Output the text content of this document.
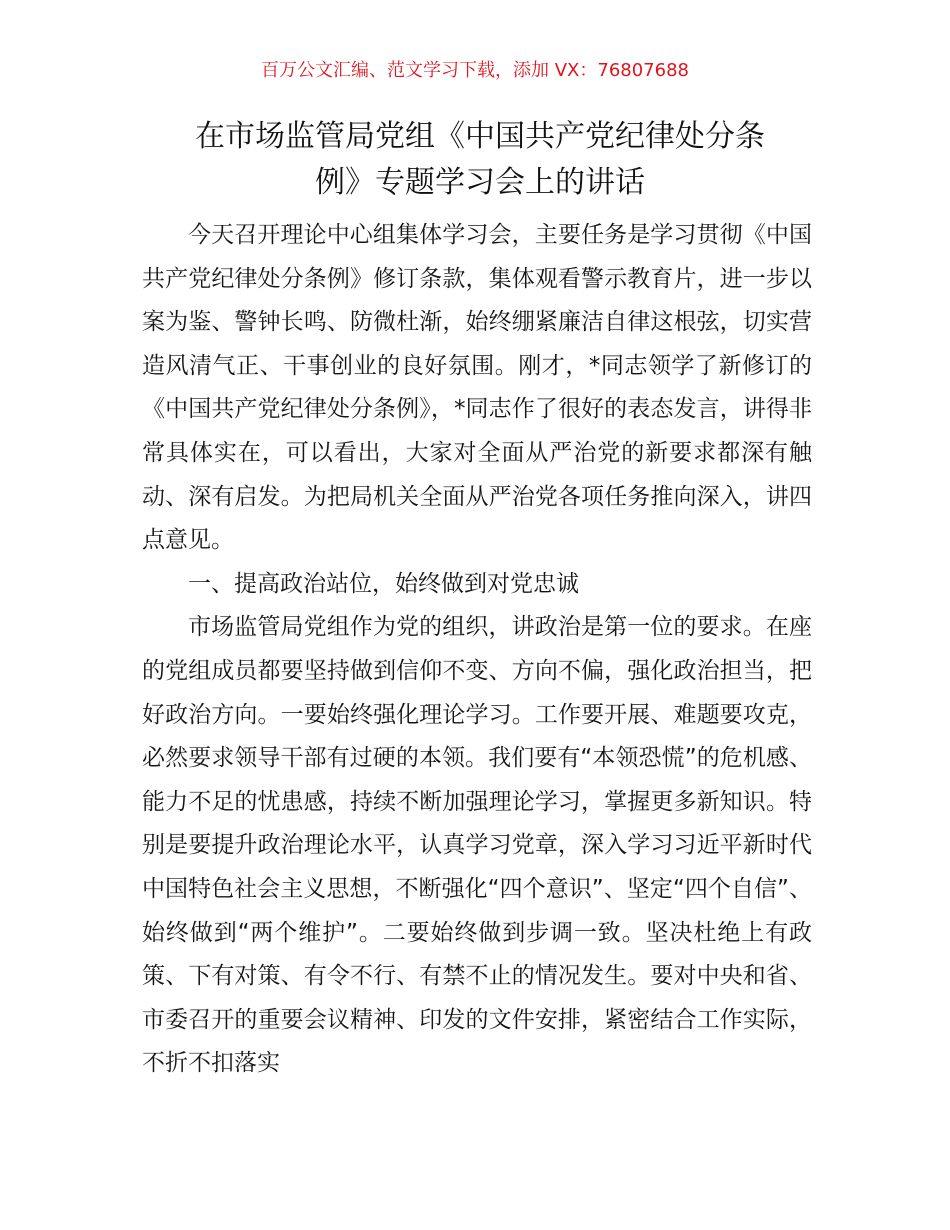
百万公文汇编、范文学习下载，添加 VX：76807688
在市场监管局党组《中国共产党纪律处分条
例》专题学习会上的讲话

今天召开理论中心组集体学习会，主要任务是学习贯彻《中国共产党纪律处分条例》修订条款，集体观看警示教育片，进一步以案为鉴、警钟长鸣、防微杜渐，始终绷紧廉洁自律这根弦，切实营造风清气正、干事创业的良好氛围。刚才，*同志领学了新修订的《中国共产党纪律处分条例》，*同志作了很好的表态发言，讲得非常具体实在，可以看出，大家对全面从严治党的新要求都深有触动、深有启发。为把局机关全面从严治党各项任务推向深入，讲四点意见。

一、提高政治站位，始终做到对党忠诚

市场监管局党组作为党的组织，讲政治是第一位的要求。在座的党组成员都要坚持做到信仰不变、方向不偏，强化政治担当，把好政治方向。一要始终强化理论学习。工作要开展、难题要攻克，必然要求领导干部有过硬的本领。我们要有“本领恐慌”的危机感、能力不足的忧患感，持续不断加强理论学习，掌握更多新知识。特别是要提升政治理论水平，认真学习党章，深入学习习近平新时代中国特色社会主义思想，不断强化“四个意识”、坚定“四个自信”、始终做到“两个维护”。二要始终做到步调一致。坚决杜绝上有政策、下有对策、有令不行、有禁不止的情况发生。要对中央和省、市委召开的重要会议精神、印发的文件安排，紧密结合工作实际，不折不扣落实
